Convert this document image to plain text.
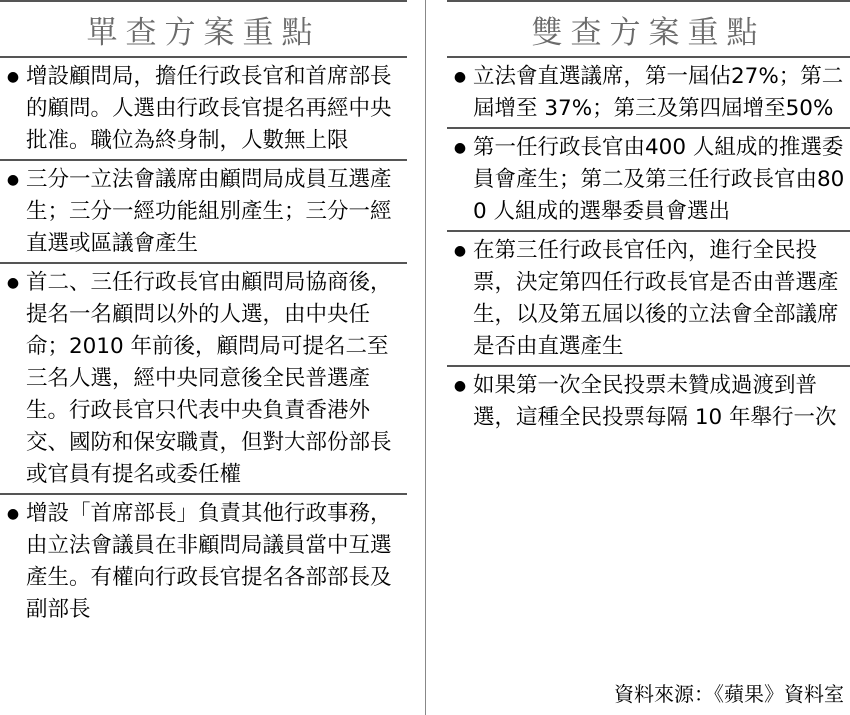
單查方案重點
● 增設顧問局，擔任行政長官和首席部長的顧問。人選由行政長官提名再經中央批准。職位為終身制，人數無上限
● 三分一立法會議席由顧問局成員互選產生；三分一經功能組別產生；三分一經直選或區議會產生
● 首二、三任行政長官由顧問局協商後，提名一名顧問以外的人選，由中央任命；2010 年前後，顧問局可提名二至三名人選，經中央同意後全民普選產生。行政長官只代表中央負責香港外交、國防和保安職責，但對大部份部長或官員有提名或委任權
● 增設「首席部長」負責其他行政事務，由立法會議員在非顧問局議員當中互選產生。有權向行政長官提名各部部長及副部長
雙查方案重點
● 立法會直選議席，第一屆佔27%；第二屆增至 37%；第三及第四屆增至50%
● 第一任行政長官由400 人組成的推選委員會產生；第二及第三任行政長官由800 人組成的選舉委員會選出
● 在第三任行政長官任內，進行全民投票，決定第四任行政長官是否由普選產生，以及第五屆以後的立法會全部議席是否由直選產生
● 如果第一次全民投票未贊成過渡到普選，這種全民投票每隔 10 年舉行一次
資料來源：《蘋果》資料室
